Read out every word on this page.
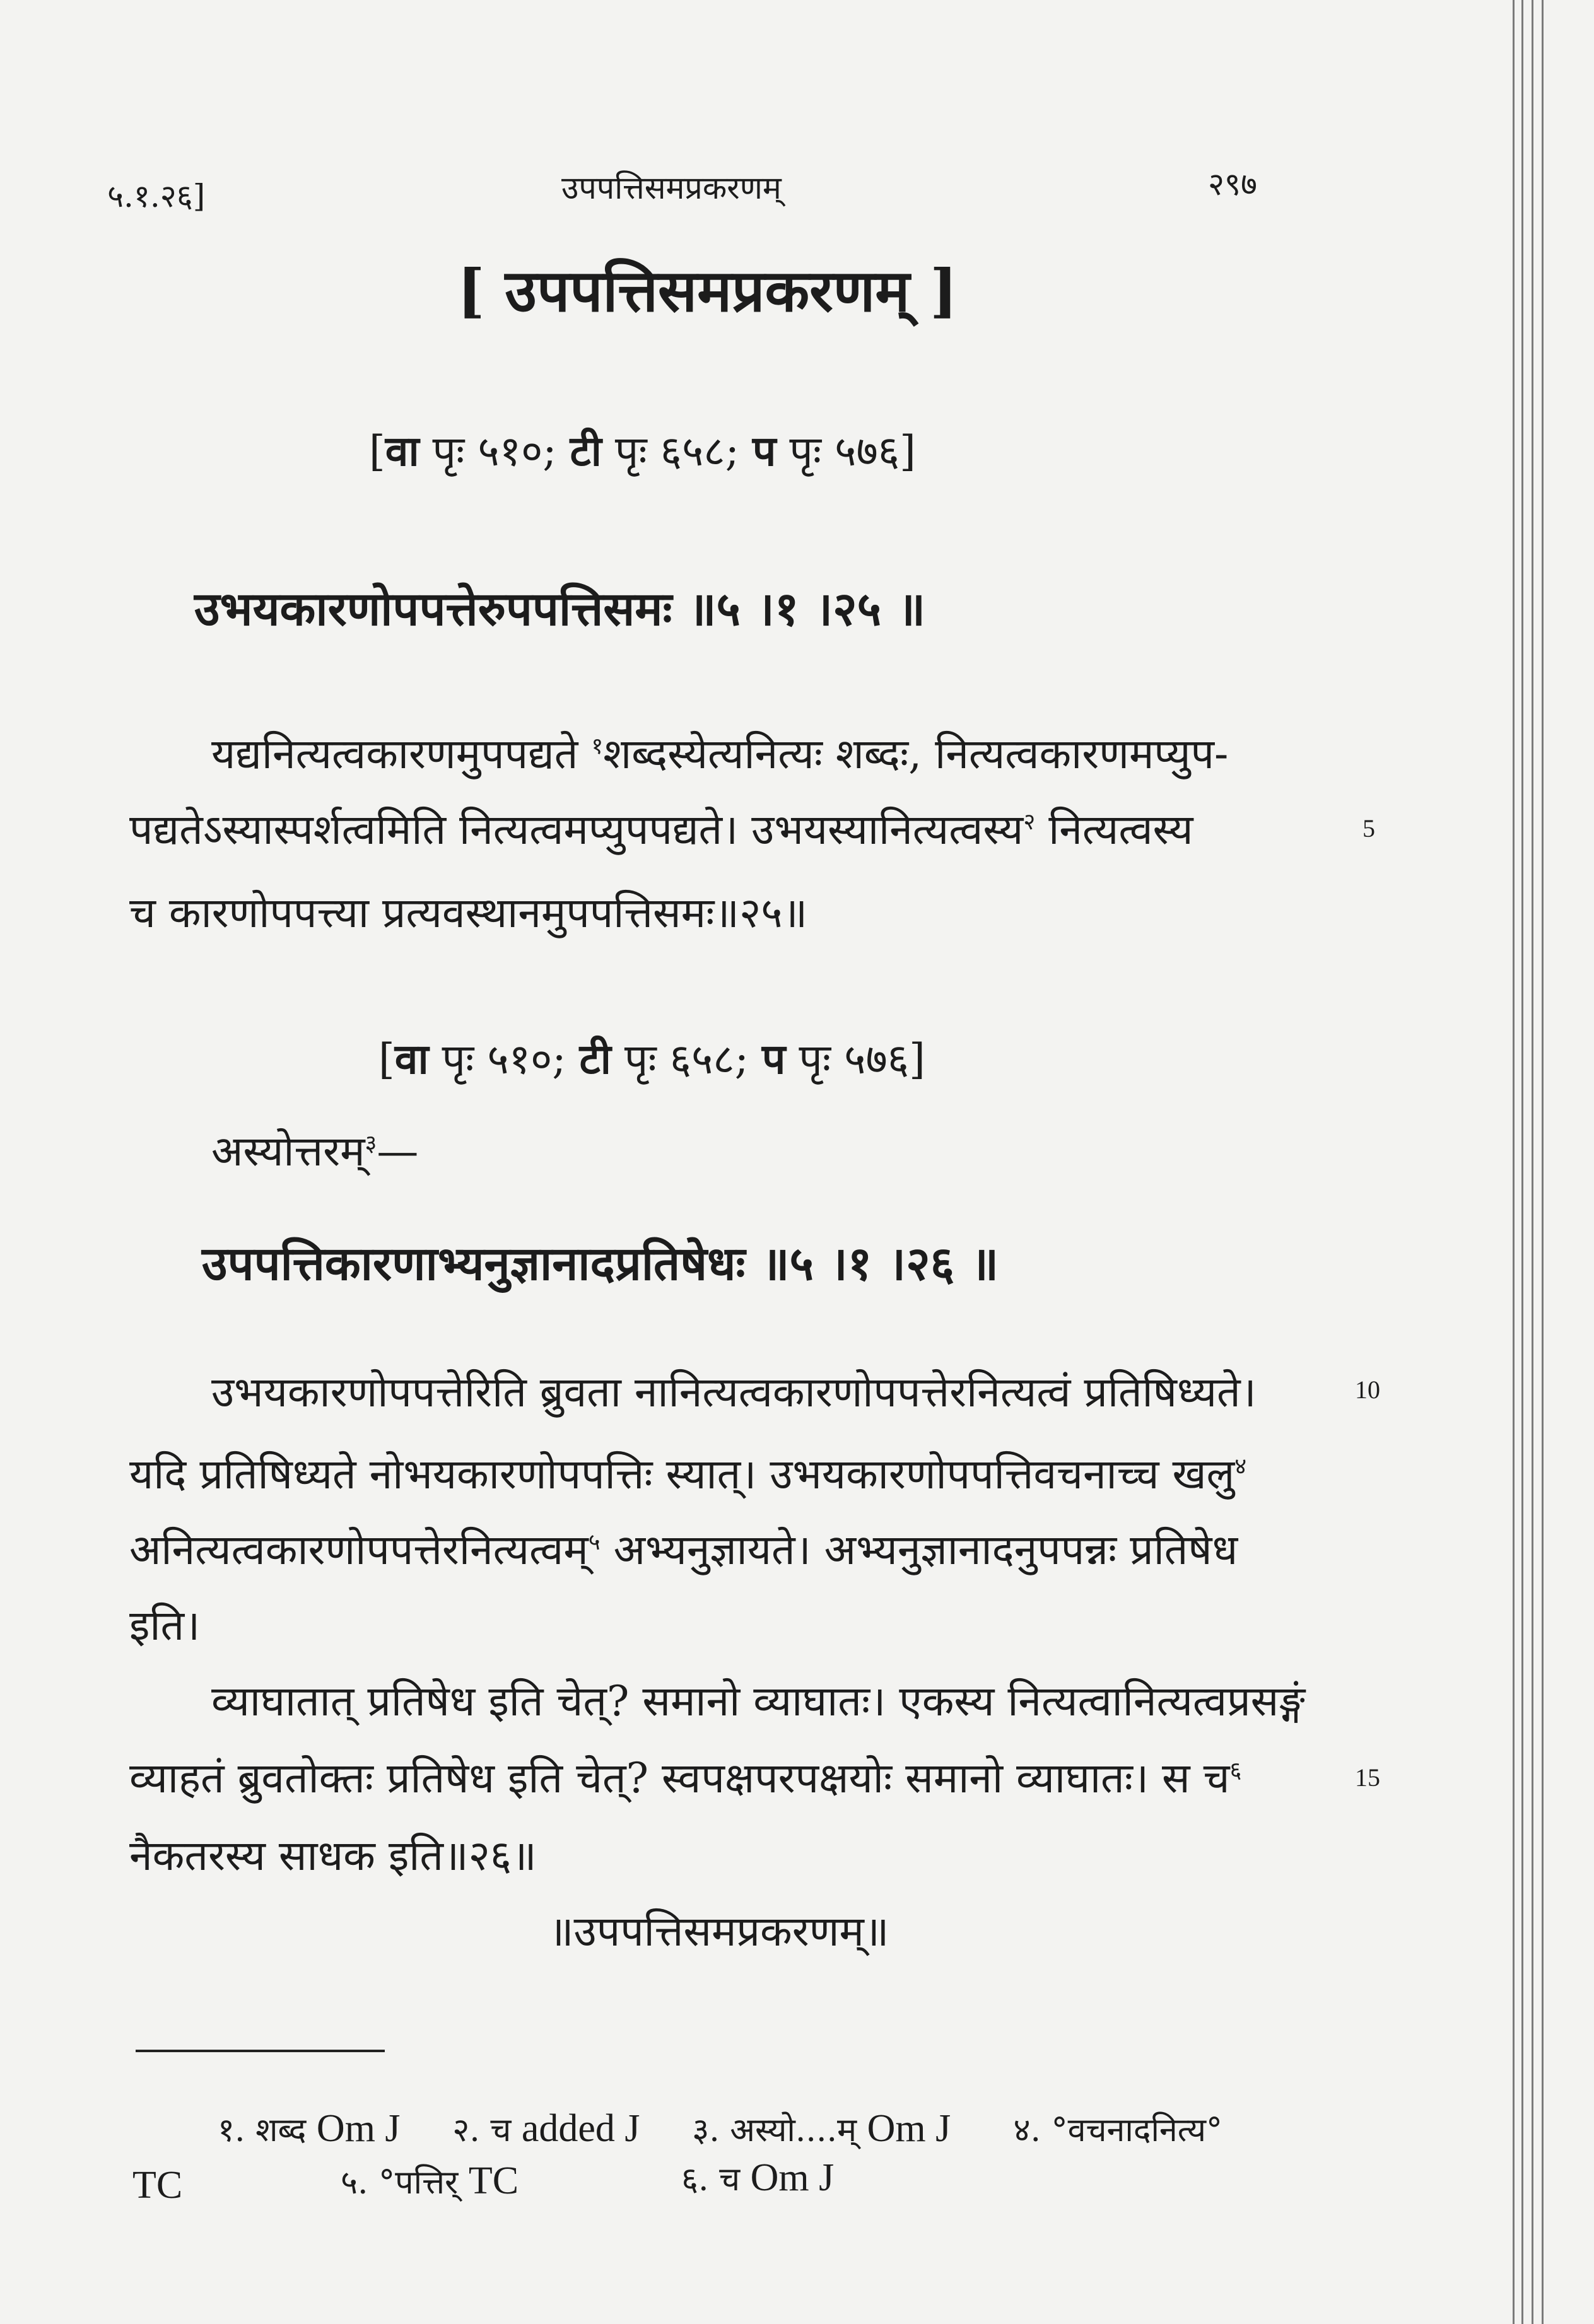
५.१.२६]	उपपत्तिसमप्रकरणम्	२९७
[ उपपत्तिसमप्रकरणम् ]
[वा पृः ५१०; टी पृः ६५८; प पृः ५७६]
उभयकारणोपपत्तेरुपपत्तिसमः ॥५ ।१ ।२५ ॥
यद्यनित्यत्वकारणमुपपद्यते $^१$शब्दस्येत्यनित्यः शब्दः, नित्यत्वकारणमप्युप-
पद्यतेऽस्यास्पर्शत्वमिति नित्यत्वमप्युपपद्यते। उभयस्यानित्यत्वस्य$^२$ नित्यत्वस्य	5
च कारणोपपत्त्या प्रत्यवस्थानमुपपत्तिसमः॥२५॥
[वा पृः ५१०; टी पृः ६५८; प पृः ५७६]
अस्योत्तरम्$^३$—
उपपत्तिकारणाभ्यनुज्ञानादप्रतिषेधः ॥५ ।१ ।२६ ॥
उभयकारणोपपत्तेरिति ब्रुवता नानित्यत्वकारणोपपत्तेरनित्यत्वं प्रतिषिध्यते।	10
यदि प्रतिषिध्यते नोभयकारणोपपत्तिः स्यात्। उभयकारणोपपत्तिवचनाच्च खलु$^४$
अनित्यत्वकारणोपपत्तेरनित्यत्वम्$^५$ अभ्यनुज्ञायते। अभ्यनुज्ञानादनुपपन्नः प्रतिषेध
इति।
व्याघातात् प्रतिषेध इति चेत्? समानो व्याघातः। एकस्य नित्यत्वानित्यत्वप्रसङ्गं
व्याहतं ब्रुवतोक्तः प्रतिषेध इति चेत्? स्वपक्षपरपक्षयोः समानो व्याघातः। स च$^६$	15
नैकतरस्य साधक इति॥२६॥
॥उपपत्तिसमप्रकरणम्॥
१. शब्द Om J २. च added J ३. अस्यो....म् Om J ४. °वचनादनित्य°
TC	५. °पत्तिर् TC	६. च Om J
